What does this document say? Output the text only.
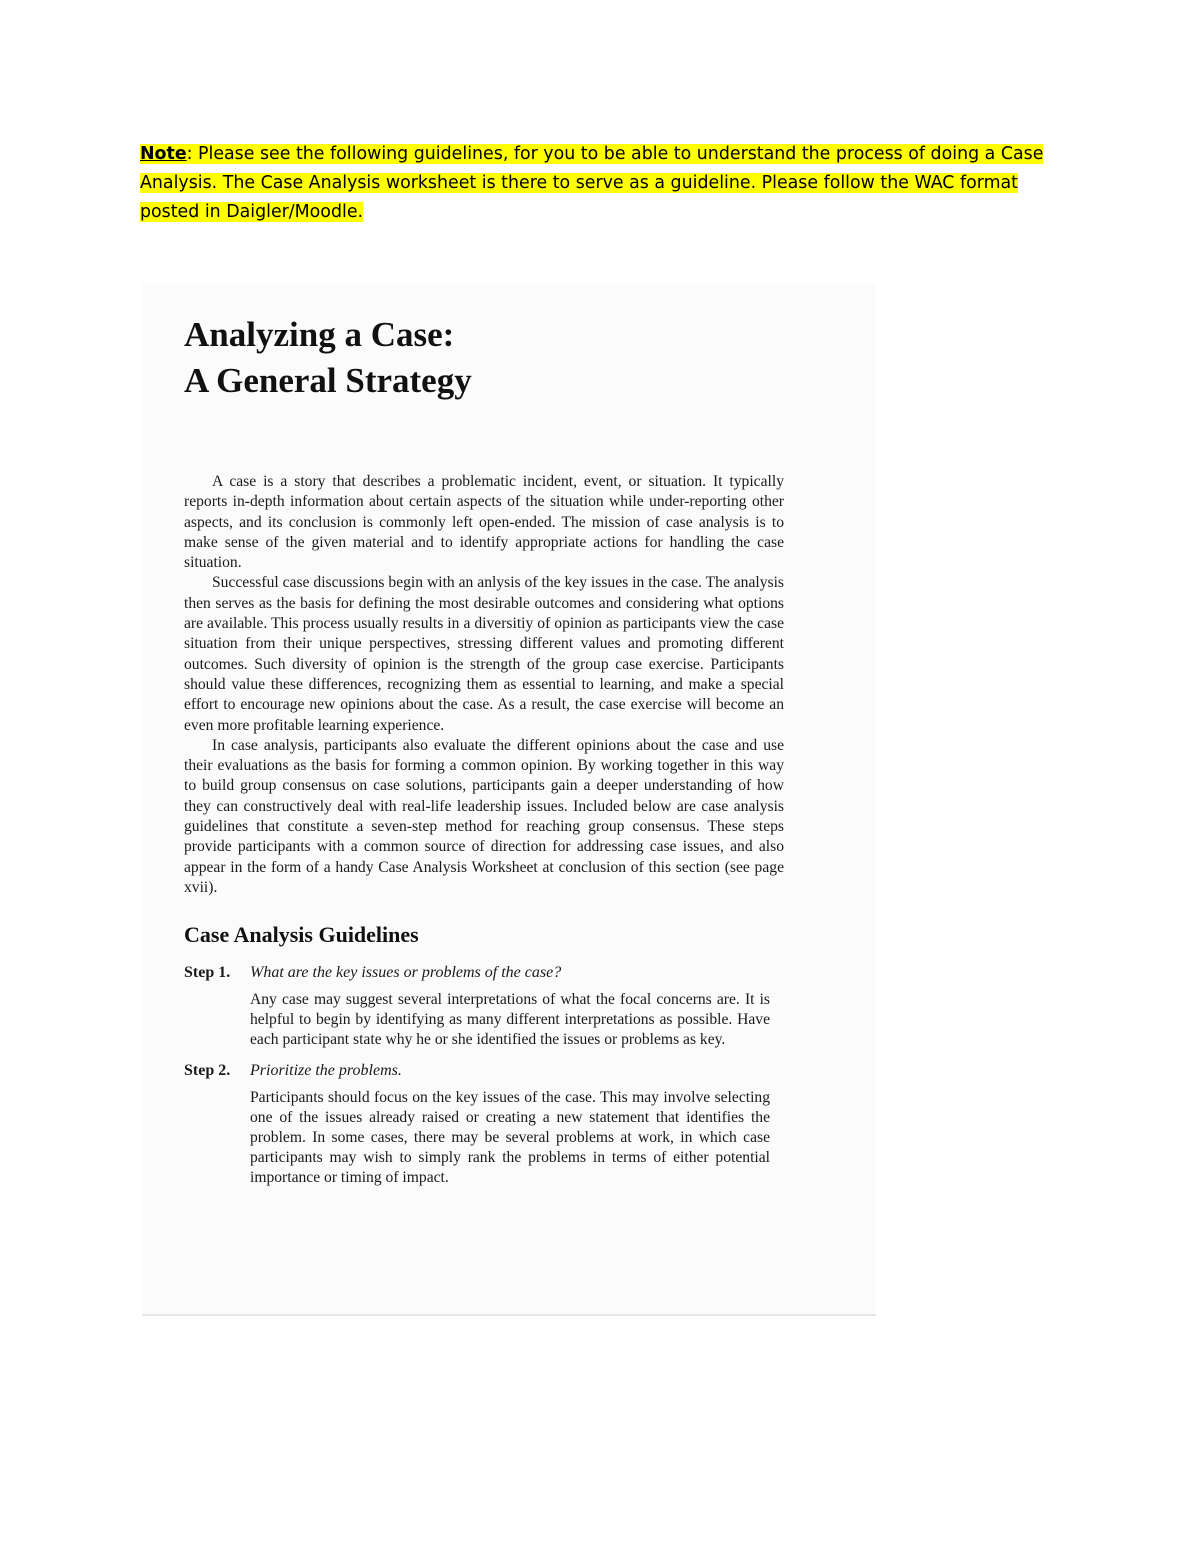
Note: Please see the following guidelines, for you to be able to understand the process of doing a Case Analysis. The Case Analysis worksheet is there to serve as a guideline. Please follow the WAC format posted in Daigler/Moodle.
Analyzing a Case:
A General Strategy

A case is a story that describes a problematic incident, event, or situation. It typically reports in-depth information about certain aspects of the situation while under-reporting other aspects, and its conclusion is commonly left open-ended. The mission of case analysis is to make sense of the given material and to identify appropriate actions for handling the case situation.

Successful case discussions begin with an anlysis of the key issues in the case. The analysis then serves as the basis for defining the most desirable outcomes and considering what options are available. This process usually results in a diversitiy of opinion as participants view the case situation from their unique perspectives, stressing different values and promoting different outcomes. Such diversity of opinion is the strength of the group case exercise. Participants should value these differences, recognizing them as essential to learning, and make a special effort to encourage new opinions about the case. As a result, the case exercise will become an even more profitable learning experience.

In case analysis, participants also evaluate the different opinions about the case and use their evaluations as the basis for forming a common opinion. By working together in this way to build group consensus on case solutions, participants gain a deeper understanding of how they can constructively deal with real-life leadership issues. Included below are case analysis guidelines that constitute a seven-step method for reaching group consensus. These steps provide participants with a common source of direction for addressing case issues, and also appear in the form of a handy Case Analysis Worksheet at conclusion of this section (see page xvii).

Case Analysis Guidelines
Step 1.	What are the key issues or problems of the case?
Any case may suggest several interpretations of what the focal concerns are. It is helpful to begin by identifying as many different interpretations as possible. Have each participant state why he or she identified the issues or problems as key.
Step 2.	Prioritize the problems.
Participants should focus on the key issues of the case. This may involve selecting one of the issues already raised or creating a new statement that identifies the problem. In some cases, there may be several problems at work, in which case participants may wish to simply rank the problems in terms of either potential importance or timing of impact.
